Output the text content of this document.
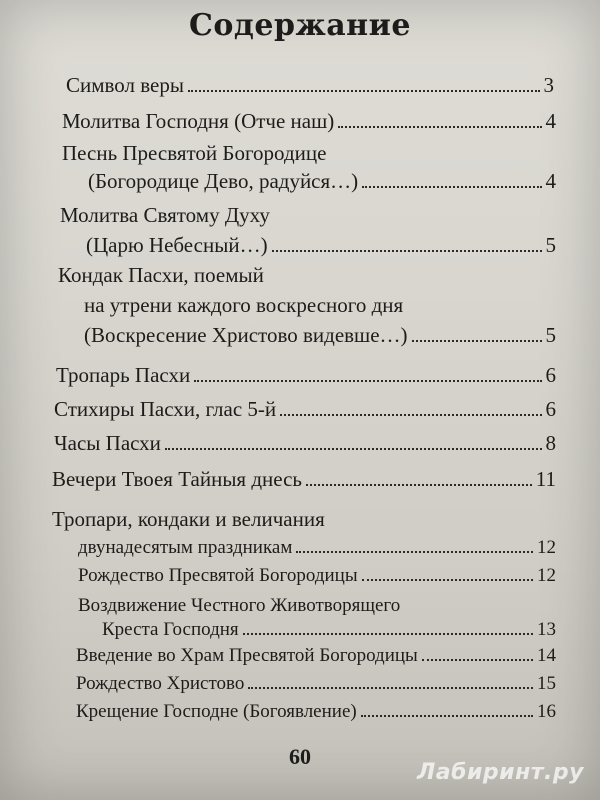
Содержание
Символ веры	3
Молитва Господня (Отче наш)	4
Песнь Пресвятой Богородице
(Богородице Дево, радуйся…)	4
Молитва Святому Духу
(Царю Небесный…)	5
Кондак Пасхи, поемый
на утрени каждого воскресного дня
(Воскресение Христово видевше…)	5
Тропарь Пасхи	6
Стихиры Пасхи, глас 5-й	6
Часы Пасхи	8
Вечери Твоея Тайныя днесь	11
Тропари, кондаки и величания
двунадесятым праздникам	12
Рождество Пресвятой Богородицы	12
Воздвижение Честного Животворящего
Креста Господня	13
Введение во Храм Пресвятой Богородицы	14
Рождество Христово	15
Крещение Господне (Богоявление)	16
60
Лабиринт.ру
